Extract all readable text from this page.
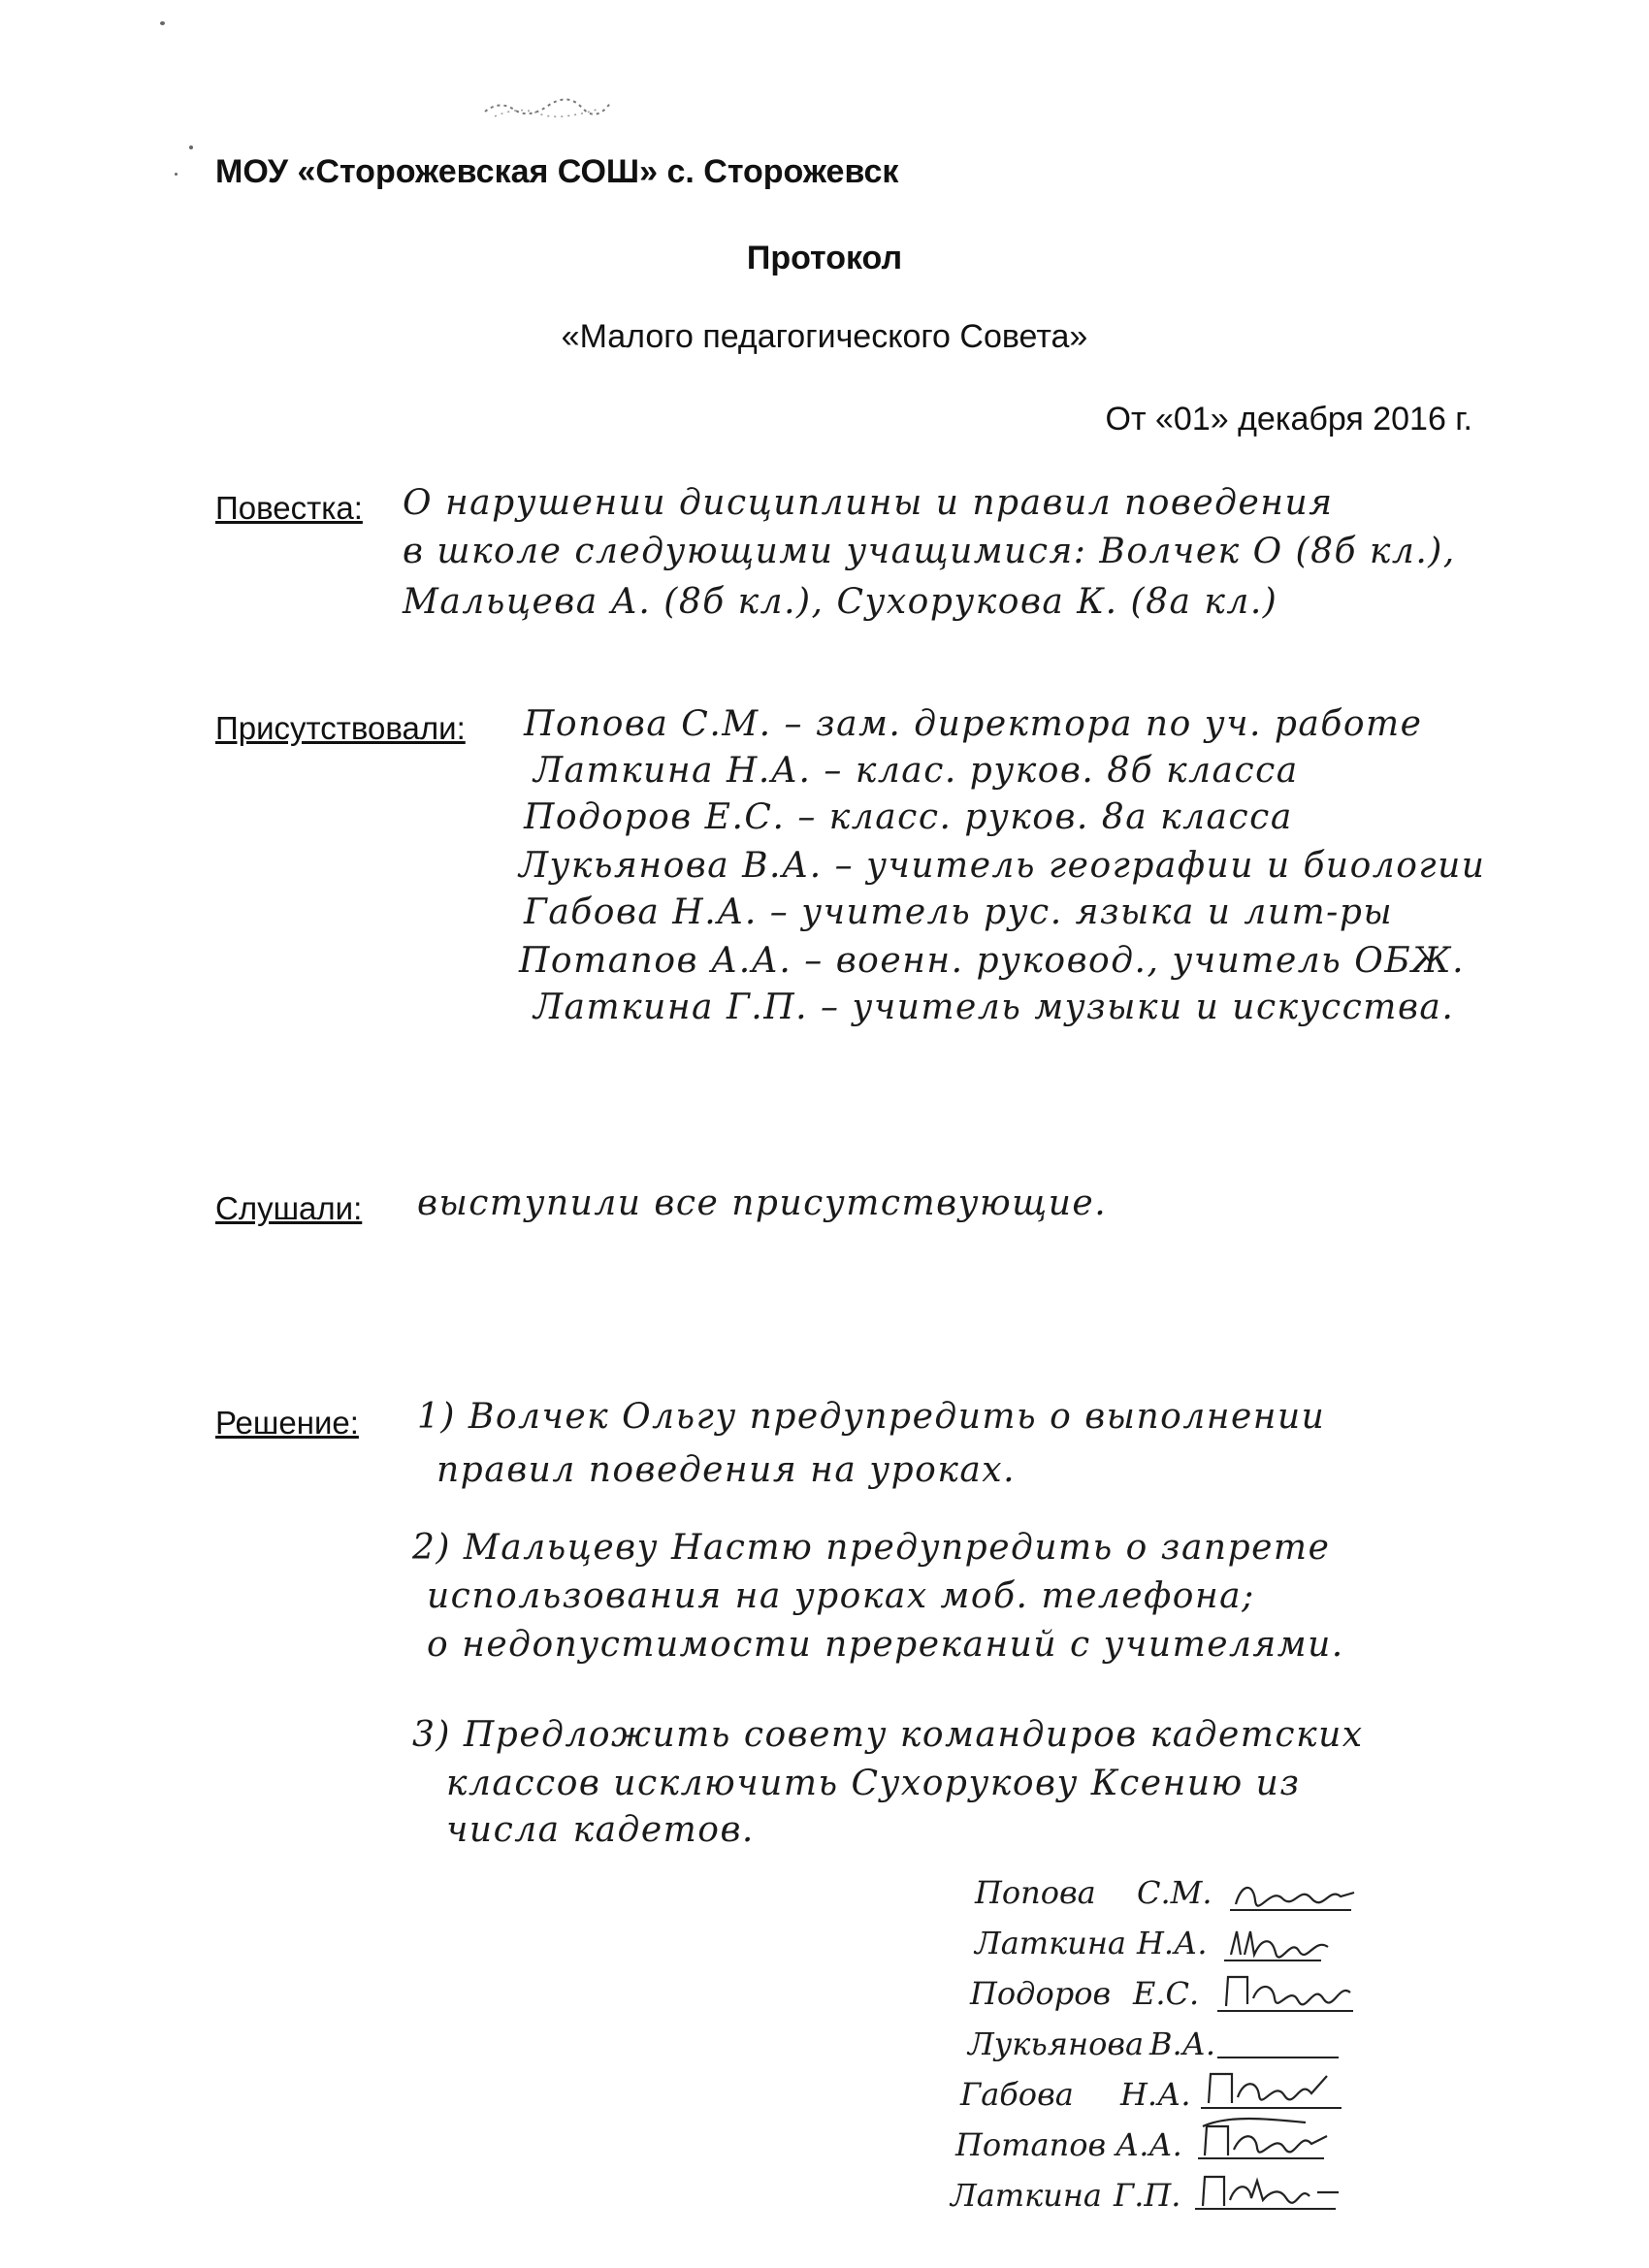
МОУ «Сторожевская СОШ» с. Сторожевск
Протокол
«Малого педагогического Совета»
От «01» декабря 2016 г.
Повестка: О нарушении дисциплины и правил поведения
в школе следующими учащимися: Волчек О (8б кл.),
Мальцева А. (8б кл.), Сухорукова К. (8а кл.)
Присутствовали: Попова С.М. – зам. директора по уч. работе
Латкина Н.А. – клас. руков. 8б класса
Подоров Е.С. – класс. руков. 8а класса
Лукьянова В.А. – учитель географии и биологии
Габова Н.А. – учитель рус. языка и лит-ры
Потапов А.А. – военн. руковод., учитель ОБЖ.
Латкина Г.П. – учитель музыки и искусства.
Слушали: выступили все присутствующие.
Решение: 1) Волчек Ольгу предупредить о выполнении
правил поведения на уроках.
2) Мальцеву Настю предупредить о запрете
использования на уроках моб. телефона;
о недопустимости пререканий с учителями.
3) Предложить совету командиров кадетских
классов исключить Сухорукову Ксению из
числа кадетов.
Попова С.М.
Латкина Н.А.
Подоров Е.С.
Лукьянова В.А.
Габова Н.А.
Потапов А.А.
Латкина Г.П.
